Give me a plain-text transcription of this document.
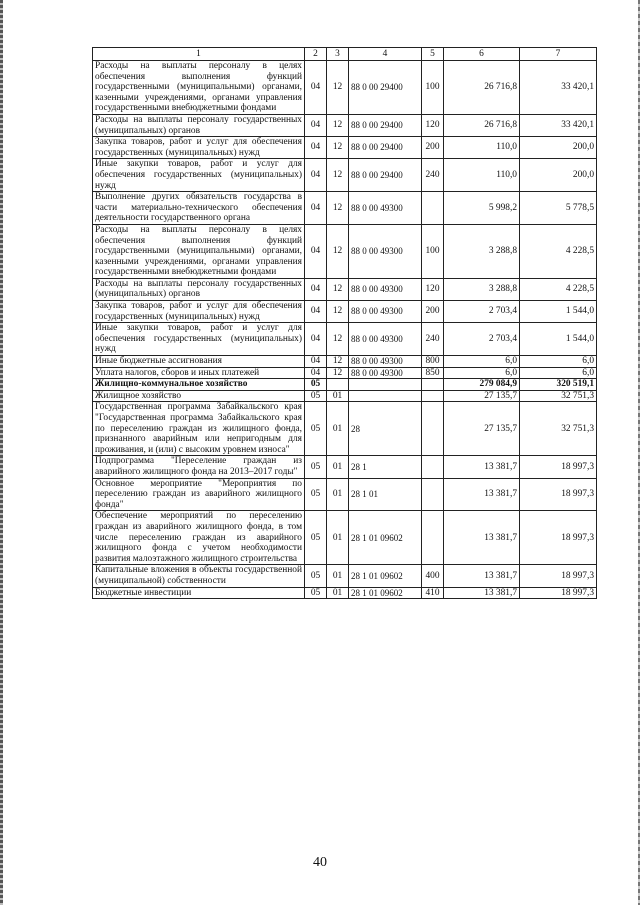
1	2	3	4	5	6	7
Расходы на выплаты персоналу в целях обеспечения выполнения функций государственными (муниципальными) органами, казенными учреждениями, органами управления государственными внебюджетными фондами	04	12	88 0 00 29400	100	26 716,8	33 420,1
Расходы на выплаты персоналу государственных (муниципальных) органов	04	12	88 0 00 29400	120	26 716,8	33 420,1
Закупка товаров, работ и услуг для обеспечения государственных (муниципальных) нужд	04	12	88 0 00 29400	200	110,0	200,0
Иные закупки товаров, работ и услуг для обеспечения государственных (муниципальных) нужд	04	12	88 0 00 29400	240	110,0	200,0
Выполнение других обязательств государства в части материально-технического обеспечения деятельности государственного органа	04	12	88 0 00 49300		5 998,2	5 778,5
Расходы на выплаты персоналу в целях обеспечения выполнения функций государственными (муниципальными) органами, казенными учреждениями, органами управления государственными внебюджетными фондами	04	12	88 0 00 49300	100	3 288,8	4 228,5
Расходы на выплаты персоналу государственных (муниципальных) органов	04	12	88 0 00 49300	120	3 288,8	4 228,5
Закупка товаров, работ и услуг для обеспечения государственных (муниципальных) нужд	04	12	88 0 00 49300	200	2 703,4	1 544,0
Иные закупки товаров, работ и услуг для обеспечения государственных (муниципальных) нужд	04	12	88 0 00 49300	240	2 703,4	1 544,0
Иные бюджетные ассигнования	04	12	88 0 00 49300	800	6,0	6,0
Уплата налогов, сборов и иных платежей	04	12	88 0 00 49300	850	6,0	6,0
Жилищно-коммунальное хозяйство	05				279 084,9	320 519,1
Жилищное хозяйство	05	01			27 135,7	32 751,3
Государственная программа Забайкальского края "Государственная программа Забайкальского края по переселению граждан из жилищного фонда, признанного аварийным или непригодным для проживания, и (или) с высоким уровнем износа"	05	01	28		27 135,7	32 751,3
Подпрограмма "Переселение граждан из аварийного жилищного фонда на 2013–2017 годы"	05	01	28 1		13 381,7	18 997,3
Основное мероприятие "Мероприятия по переселению граждан из аварийного жилищного фонда"	05	01	28 1 01		13 381,7	18 997,3
Обеспечение мероприятий по переселению граждан из аварийного жилищного фонда, в том числе переселению граждан из аварийного жилищного фонда с учетом необходимости развития малоэтажного жилищного строительства	05	01	28 1 01 09602		13 381,7	18 997,3
Капитальные вложения в объекты государственной (муниципальной) собственности	05	01	28 1 01 09602	400	13 381,7	18 997,3
Бюджетные инвестиции	05	01	28 1 01 09602	410	13 381,7	18 997,3
40
